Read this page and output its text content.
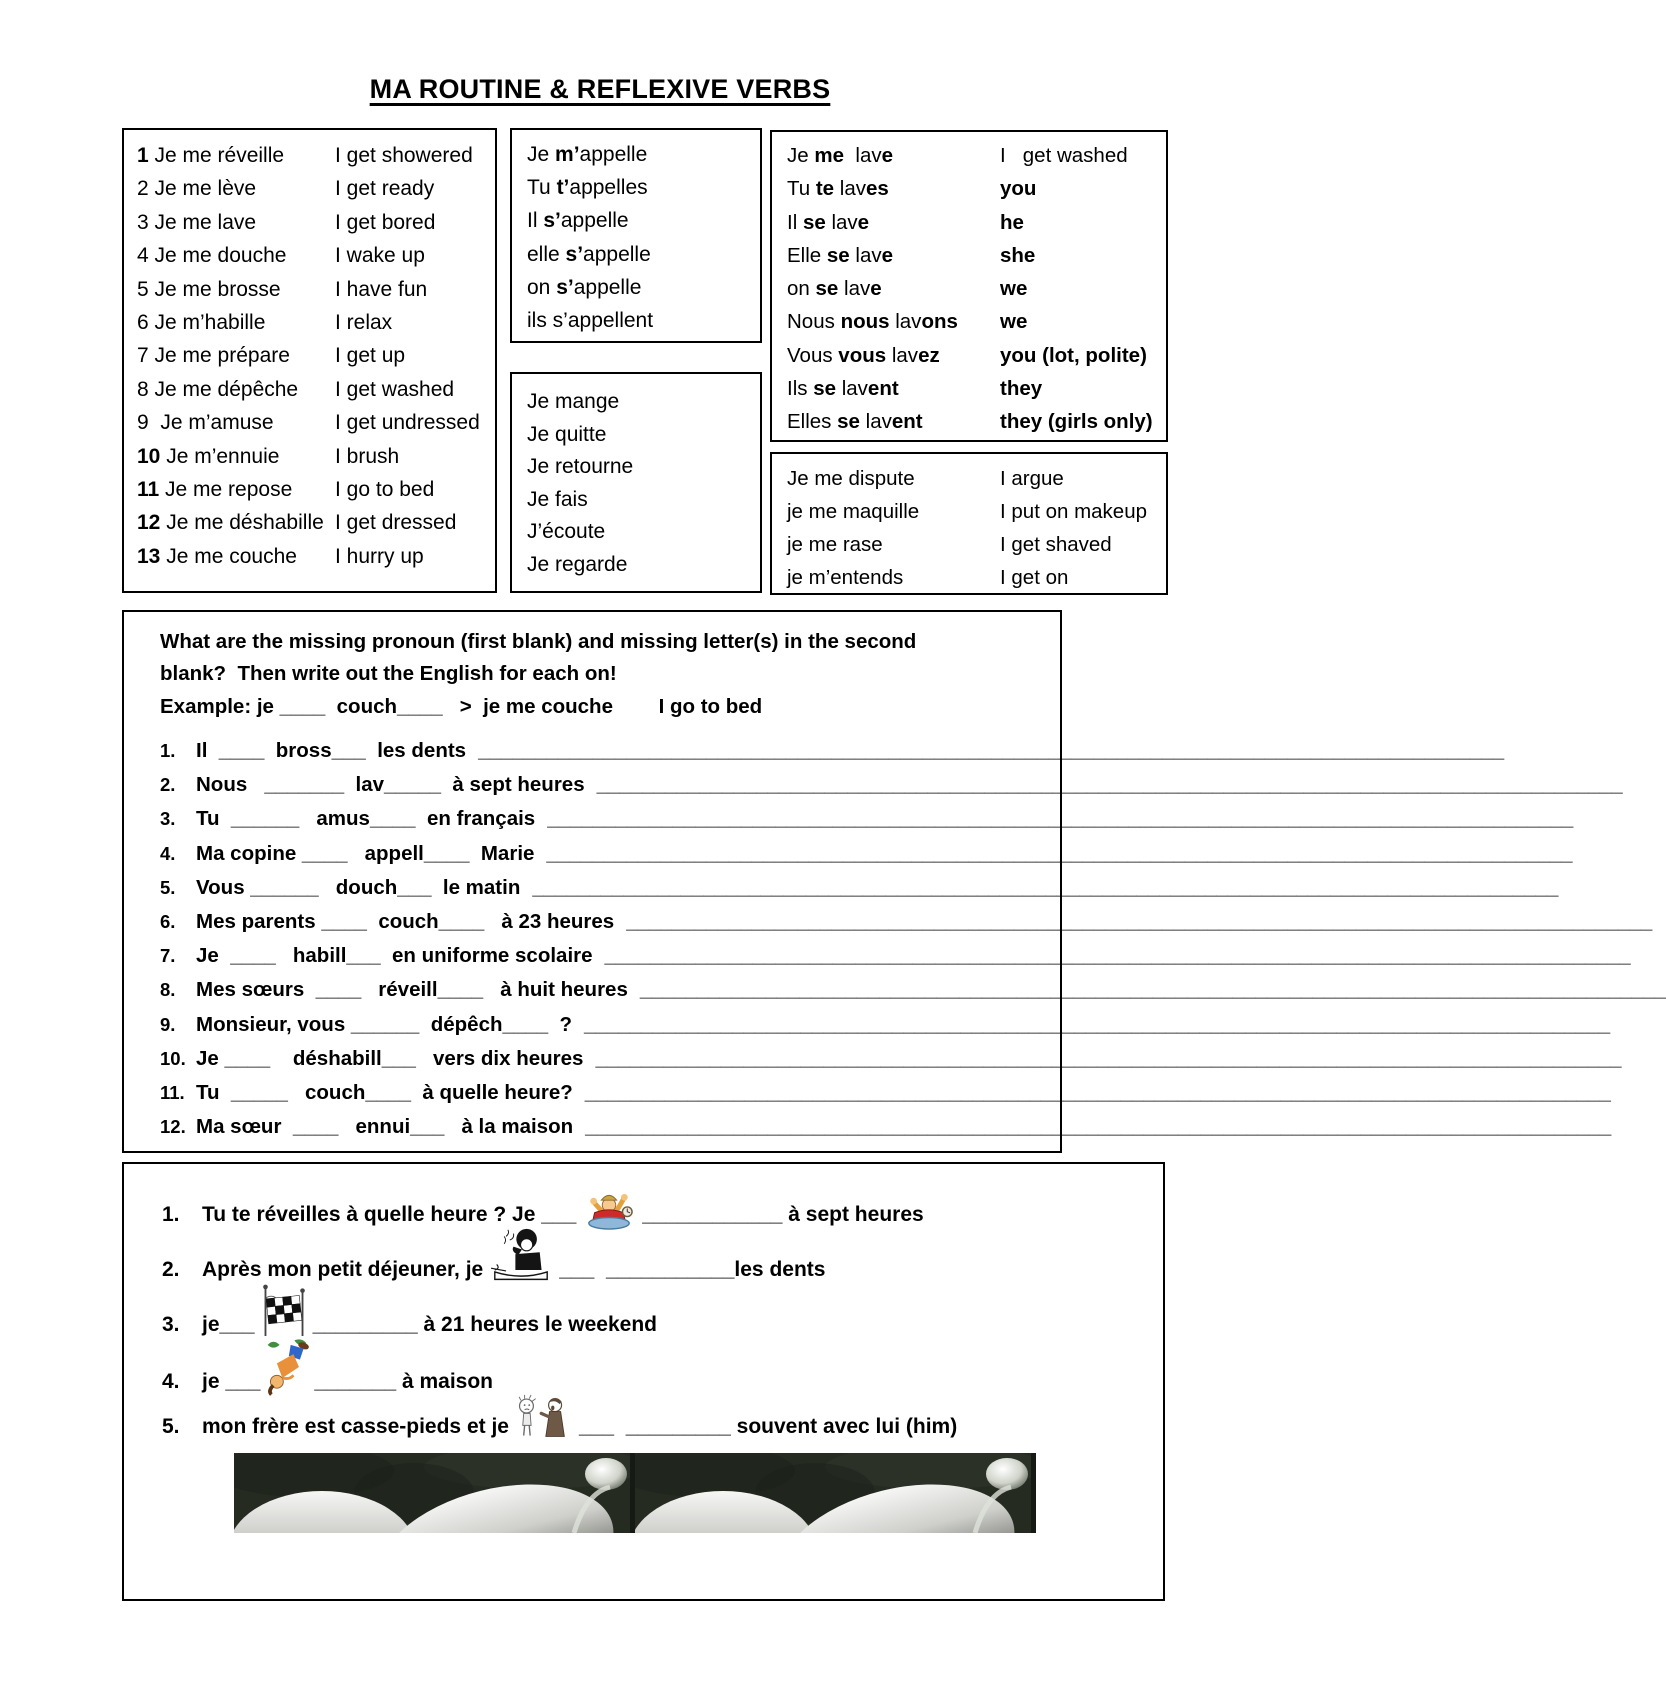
MA ROUTINE & REFLEXIVE VERBS
1 Je me réveille	I get showered
2 Je me lève	I get ready
3 Je me lave	I get bored
4 Je me douche	I wake up
5 Je me brosse	I have fun
6 Je m’habille	I relax
7 Je me prépare	I get up
8 Je me dépêche	I get washed
9  Je m’amuse	I get undressed
10 Je m’ennuie	I brush
11 Je me repose	I go to bed
12 Je me déshabille I get dressed
13 Je me couche	I hurry up
Je m’appelle
Tu t’appelles
Il s’appelle
elle s’appelle
on s’appelle
ils s’appellent
Je mange
Je quitte
Je retourne
Je fais
J’écoute
Je regarde
Je me  lave	I   get washed
Tu te laves	you
Il se lave	he
Elle se lave	she
on se lave	we
Nous nous lavons	we
Vous vous lavez	you (lot, polite)
Ils se lavent	they
Elles se lavent	they (girls only)
Je me dispute	I argue
je me maquille	I put on makeup
je me rase	I get shaved
je m’entends	I get on
What are the missing pronoun (first blank) and missing letter(s) in the second blank?  Then write out the English for each on!
Example: je ____  couch____   >  je me couche I go to bed
1.	Il  ____  bross___  les dents __________________________________________________________________________________________
2.	Nous   _______  lav_____  à sept heures __________________________________________________________________________________________
3.	Tu  ______   amus____  en français __________________________________________________________________________________________
4.	Ma copine ____   appell____  Marie __________________________________________________________________________________________
5.	Vous ______   douch___  le matin __________________________________________________________________________________________
6.	Mes parents ____  couch____   à 23 heures __________________________________________________________________________________________
7.	Je  ____   habill___  en uniforme scolaire __________________________________________________________________________________________
8.	Mes sœurs  ____   réveill____   à huit heures __________________________________________________________________________________________
9.	Monsieur, vous ______  dépêch____  ? __________________________________________________________________________________________
10. Je ____    déshabill___   vers dix heures __________________________________________________________________________________________
11. Tu  _____   couch____  à quelle heure? __________________________________________________________________________________________
12. Ma sœur  ____   ennui___   à la maison __________________________________________________________________________________________
1.	Tu te réveilles à quelle heure ? Je ___	____________ à sept heures
2.	Après mon petit déjeuner, je	___  ___________les dents
3.	je___	_________ à 21 heures le weekend
4.	je ___	_______ à maison
5.	mon frère est casse-pieds et je	___  _________ souvent avec lui (him)
